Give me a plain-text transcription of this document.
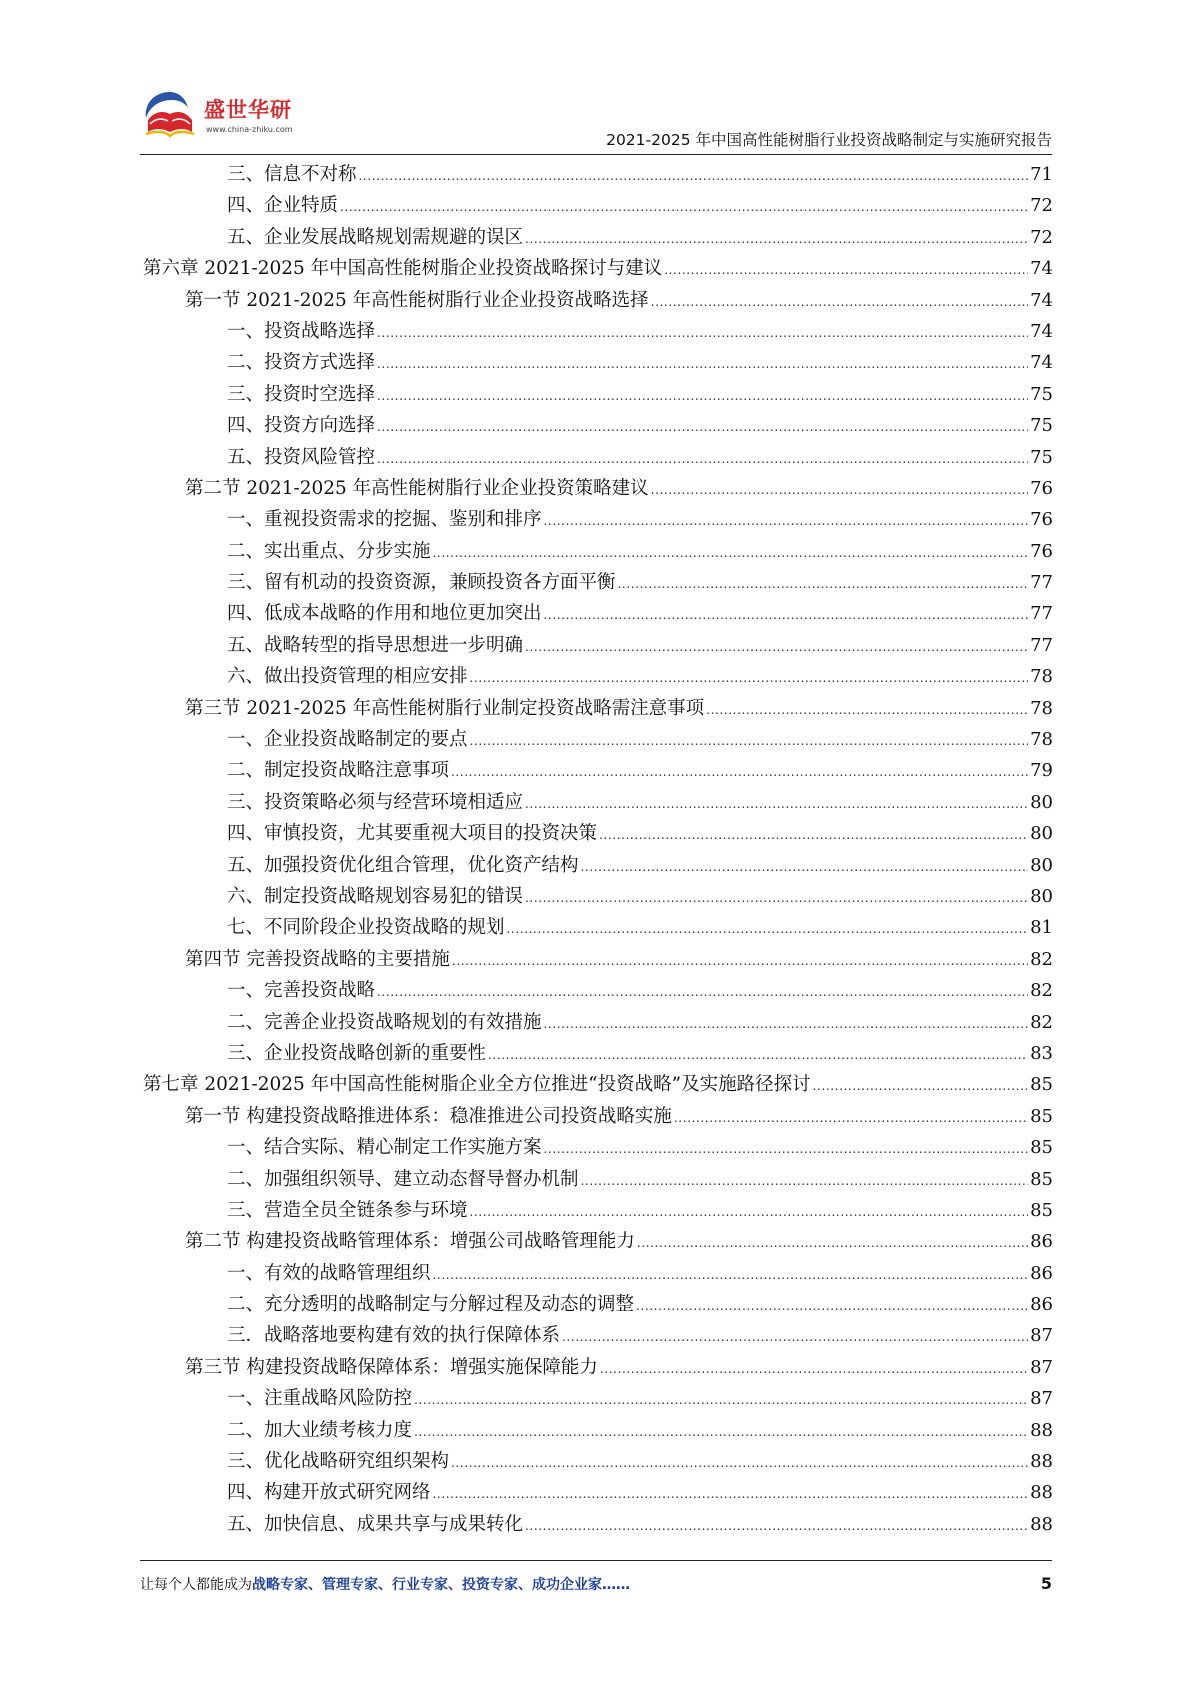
盛世华研
www.china-zhiku.com
2021-2025 年中国高性能树脂行业投资战略制定与实施研究报告
三、信息不对称 .....	71
四、企业特质 .....	72
五、企业发展战略规划需规避的误区 .....	72
第六章 2021-2025 年中国高性能树脂企业投资战略探讨与建议 .....	74
第一节 2021-2025 年高性能树脂行业企业投资战略选择 .....	74
一、投资战略选择 .....	74
二、投资方式选择 .....	74
三、投资时空选择 .....	75
四、投资方向选择 .....	75
五、投资风险管控 .....	75
第二节 2021-2025 年高性能树脂行业企业投资策略建议 .....	76
一、重视投资需求的挖掘、鉴别和排序 .....	76
二、实出重点、分步实施 .....	76
三、留有机动的投资资源，兼顾投资各方面平衡 .....	77
四、低成本战略的作用和地位更加突出 .....	77
五、战略转型的指导思想进一步明确 .....	77
六、做出投资管理的相应安排 .....	78
第三节 2021-2025 年高性能树脂行业制定投资战略需注意事项 .....	78
一、企业投资战略制定的要点 .....	78
二、制定投资战略注意事项 .....	79
三、投资策略必须与经营环境相适应 .....	80
四、审慎投资，尤其要重视大项目的投资决策 .....	80
五、加强投资优化组合管理，优化资产结构 .....	80
六、制定投资战略规划容易犯的错误 .....	80
七、不同阶段企业投资战略的规划 .....	81
第四节 完善投资战略的主要措施 .....	82
一、完善投资战略 .....	82
二、完善企业投资战略规划的有效措施 .....	82
三、企业投资战略创新的重要性 .....	83
第七章 2021-2025 年中国高性能树脂企业全方位推进“投资战略”及实施路径探讨 .....	85
第一节 构建投资战略推进体系：稳准推进公司投资战略实施 .....	85
一、结合实际、精心制定工作实施方案 .....	85
二、加强组织领导、建立动态督导督办机制 .....	85
三、营造全员全链条参与环境 .....	85
第二节 构建投资战略管理体系：增强公司战略管理能力 .....	86
一、有效的战略管理组织 .....	86
二、充分透明的战略制定与分解过程及动态的调整 .....	86
三．战略落地要构建有效的执行保障体系 .....	87
第三节 构建投资战略保障体系：增强实施保障能力 .....	87
一、注重战略风险防控 .....	87
二、加大业绩考核力度 .....	88
三、优化战略研究组织架构 .....	88
四、构建开放式研究网络 .....	88
五、加快信息、成果共享与成果转化 .....	88
让每个人都能成为战略专家、管理专家、行业专家、投资专家、成功企业家……	5
